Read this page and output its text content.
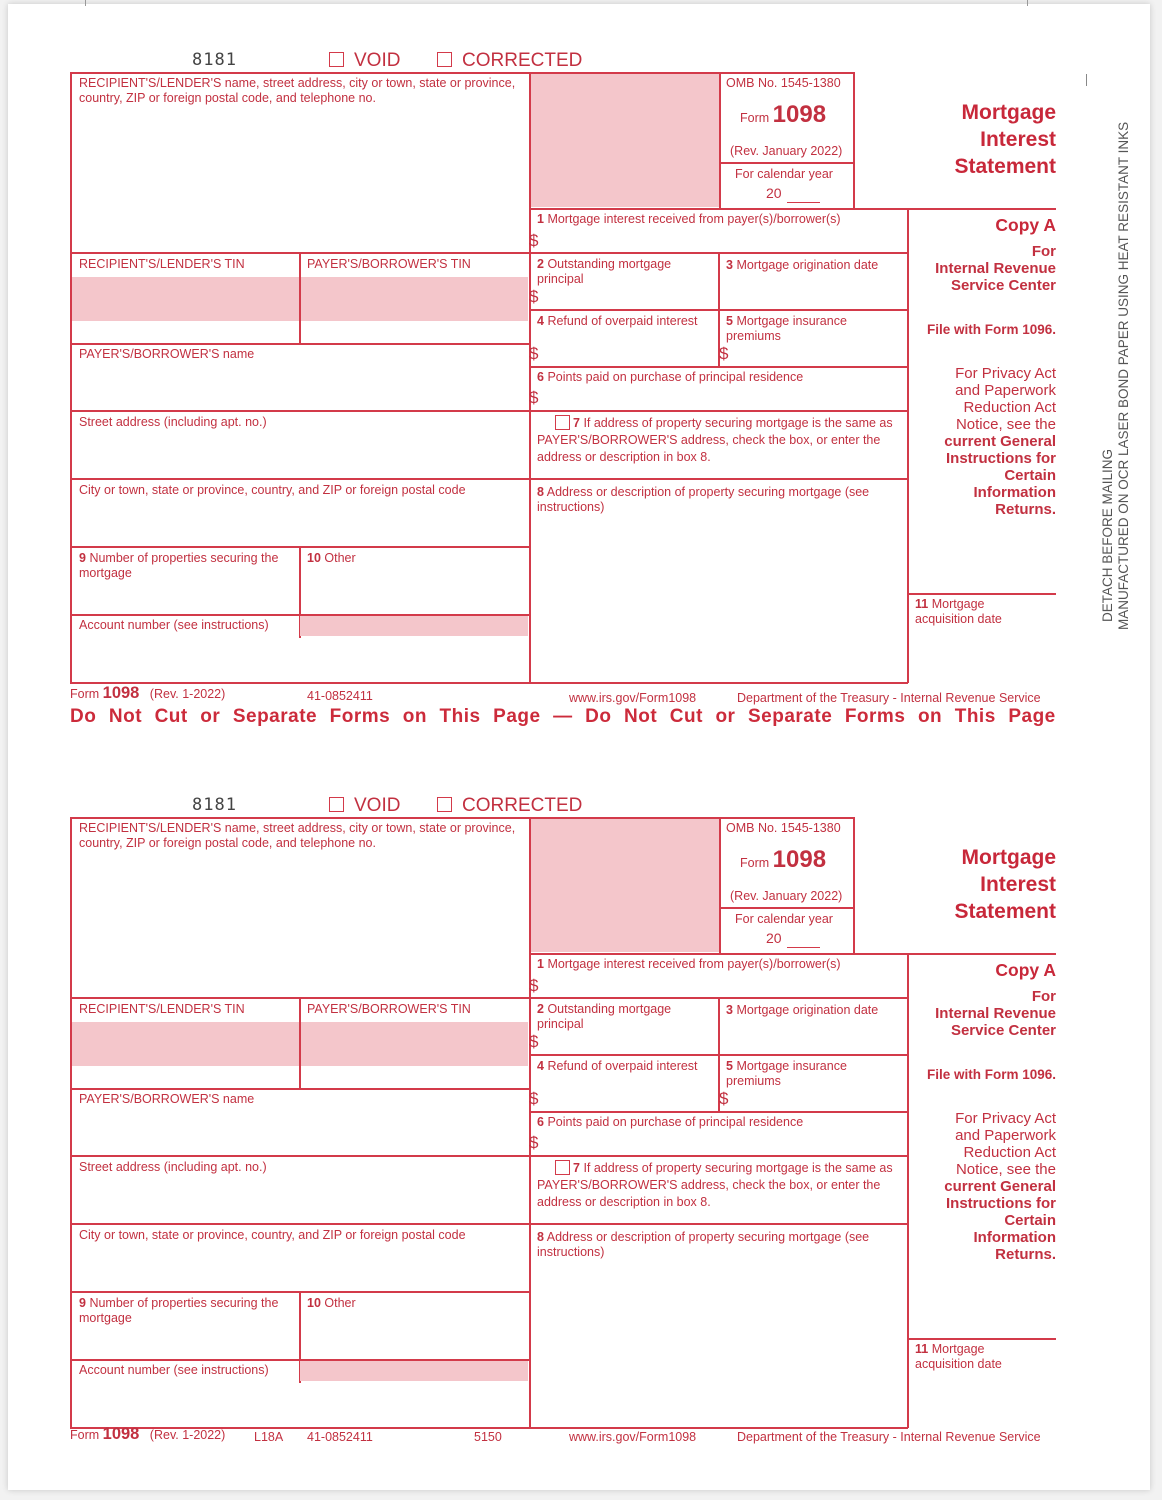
DETACH BEFORE MAILING MANUFACTURED ON OCR LASER BOND PAPER USING HEAT RESISTANT INKS
8181	VOID	CORRECTED
RECIPIENT'S/LENDER'S name, street address, city or town, state or province, country, ZIP or foreign postal code, and telephone no.
OMB No. 1545-1380
Form 1098
(Rev. January 2022)
For calendar year
20
Mortgage
Interest
Statement
1 Mortgage interest received from payer(s)/borrower(s)
$
RECIPIENT'S/LENDER'S TIN	PAYER'S/BORROWER'S TIN	2 Outstanding mortgage principal
$
3 Mortgage origination date
4 Refund of overpaid interest
$
5 Mortgage insurance premiums
$
PAYER'S/BORROWER'S name
6 Points paid on purchase of principal residence
$
Street address (including apt. no.)	7 If address of property securing mortgage is the same as PAYER'S/BORROWER'S address, check the box, or enter the address or description in box 8.
City or town, state or province, country, and ZIP or foreign postal code	8 Address or description of property securing mortgage (see instructions)
9 Number of properties securing the mortgage
10 Other
Account number (see instructions)
Copy A
For
Internal Revenue
Service Center
File with Form 1096.
For Privacy Act
and Paperwork
Reduction Act
Notice, see the
current General
Instructions for
Certain
Information
Returns.
11 Mortgage acquisition date
Form 1098 (Rev. 1-2022)	41-0852411	www.irs.gov/Form1098	Department of the Treasury - Internal Revenue Service
8181	VOID	CORRECTED
RECIPIENT'S/LENDER'S name, street address, city or town, state or province, country, ZIP or foreign postal code, and telephone no.
OMB No. 1545-1380
Form 1098
(Rev. January 2022)
For calendar year
20
Mortgage
Interest
Statement
1 Mortgage interest received from payer(s)/borrower(s)
$
RECIPIENT'S/LENDER'S TIN	PAYER'S/BORROWER'S TIN	2 Outstanding mortgage principal
$
3 Mortgage origination date
4 Refund of overpaid interest
$
5 Mortgage insurance premiums
$
PAYER'S/BORROWER'S name
6 Points paid on purchase of principal residence
$
Street address (including apt. no.)	7 If address of property securing mortgage is the same as PAYER'S/BORROWER'S address, check the box, or enter the address or description in box 8.
City or town, state or province, country, and ZIP or foreign postal code	8 Address or description of property securing mortgage (see instructions)
9 Number of properties securing the mortgage
10 Other
Account number (see instructions)
Copy A
For
Internal Revenue
Service Center
File with Form 1096.
For Privacy Act
and Paperwork
Reduction Act
Notice, see the
current General
Instructions for
Certain
Information
Returns.
11 Mortgage acquisition date
Form 1098 (Rev. 1-2022)	41-0852411	www.irs.gov/Form1098	Department of the Treasury - Internal Revenue Service
L18A	5150
Do Not Cut or Separate Forms on This Page — Do Not Cut or Separate Forms on This Page
